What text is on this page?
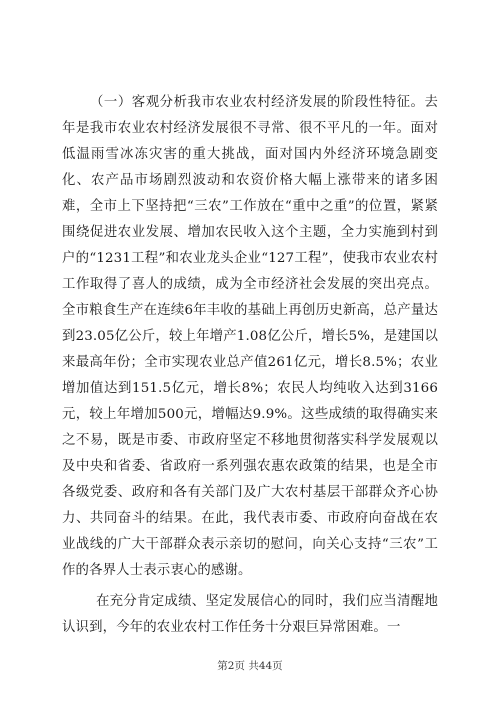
（一）客观分析我市农业农村经济发展的阶段性特征。去年是我市农业农村经济发展很不寻常、很不平凡的一年。面对低温雨雪冰冻灾害的重大挑战，面对国内外经济环境急剧变化、农产品市场剧烈波动和农资价格大幅上涨带来的诸多困难，全市上下坚持把“三农”工作放在“重中之重”的位置，紧紧围绕促进农业发展、增加农民收入这个主题，全力实施到村到户的“1231工程”和农业龙头企业“127工程”，使我市农业农村工作取得了喜人的成绩，成为全市经济社会发展的突出亮点。全市粮食生产在连续6年丰收的基础上再创历史新高，总产量达到23.05亿公斤，较上年增产1.08亿公斤，增长5%，是建国以来最高年份；全市实现农业总产值261亿元，增长8.5%；农业增加值达到151.5亿元，增长8%；农民人均纯收入达到3166元，较上年增加500元，增幅达9.9%。这些成绩的取得确实来之不易，既是市委、市政府坚定不移地贯彻落实科学发展观以及中央和省委、省政府一系列强农惠农政策的结果，也是全市各级党委、政府和各有关部门及广大农村基层干部群众齐心协力、共同奋斗的结果。在此，我代表市委、市政府向奋战在农业战线的广大干部群众表示亲切的慰问，向关心支持“三农”工作的各界人士表示衷心的感谢。

在充分肯定成绩、坚定发展信心的同时，我们应当清醒地认识到，今年的农业农村工作任务十分艰巨异常困难。一

第2页 共44页
